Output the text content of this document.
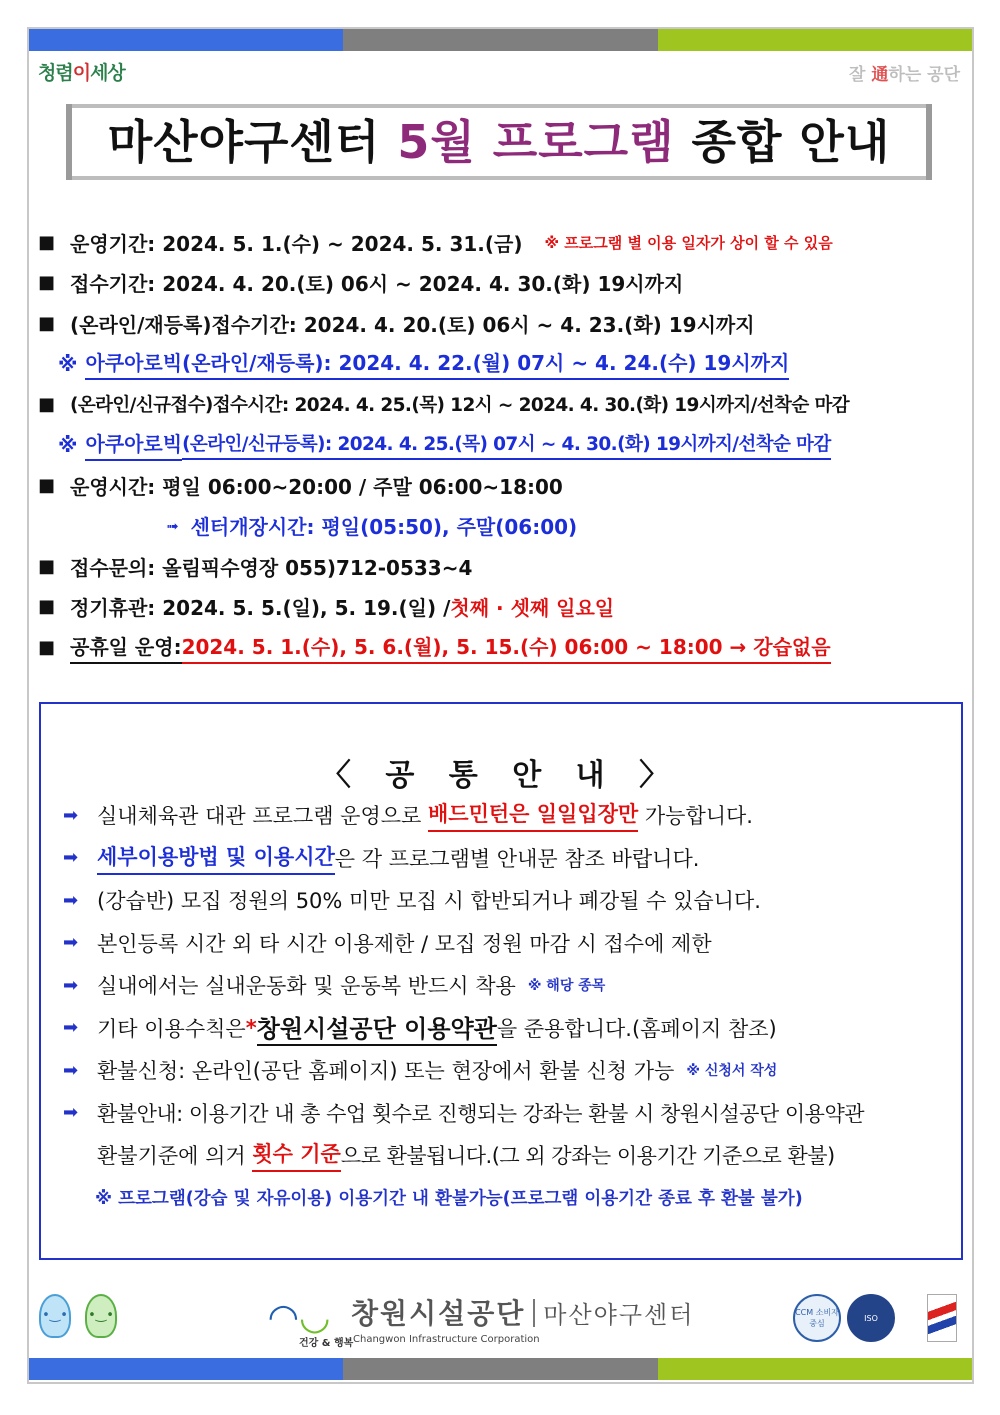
청렴이세상	잘 通하는 공단
마산야구센터 5월 프로그램 종합 안내
■ 운영기간: 2024. 5. 1.(수) ~ 2024. 5. 31.(금) ※ 프로그램 별 이용 일자가 상이 할 수 있음
■ 접수기간: 2024. 4. 20.(토) 06시 ~ 2024. 4. 30.(화) 19시까지
■ (온라인/재등록)접수기간: 2024. 4. 20.(토) 06시 ~ 4. 23.(화) 19시까지
※ 아쿠아로빅(온라인/재등록): 2024. 4. 22.(월) 07시 ~ 4. 24.(수) 19시까지
■ (온라인/신규접수)접수시간: 2024. 4. 25.(목) 12시 ~ 2024. 4. 30.(화) 19시까지/선착순 마감
※ 아쿠아로빅 (온라인/신규등록): 2024. 4. 25.(목) 07시 ~ 4. 30.(화) 19시까지/선착순 마감
■ 운영시간: 평일 06:00~20:00 / 주말 06:00~18:00
➟ 센터개장시간: 평일(05:50), 주말(06:00)
■ 접수문의: 올림픽수영장 055)712-0533~4
■ 정기휴관: 2024. 5. 5.(일), 5. 19.(일) / 첫째 · 셋째 일요일
■ 공휴일 운영: 2024. 5. 1.(수), 5. 6.(월), 5. 15.(수) 06:00 ~ 18:00 → 강습없음
〈 공 통 안 내 〉
➡ 실내체육관 대관 프로그램 운영으로
배드민턴은 일일입장만
가능합니다.
➡ 세부이용방법 및 이용시간 은 각 프로그램별 안내문 참조 바랍니다.
➡ (강습반) 모집 정원의 50% 미만 모집 시 합반되거나 폐강될 수 있습니다.
➡ 본인등록 시간 외 타 시간 이용제한 / 모집 정원 마감 시 접수에 제한
➡ 실내에서는 실내운동화 및 운동복 반드시 착용 ※ 해당 종목
➡ 기타 이용수칙은 * 창원시설공단 이용약관 을 준용합니다.(홈페이지 참조)
➡ 환불신청: 온라인(공단 홈페이지) 또는 현장에서 환불 신청 가능 ※ 신청서 작성
➡ 환불안내: 이용기간 내 총 수업 횟수로 진행되는 강좌는 환불 시 창원시설공단 이용약관
환불기준에 의거
횟수 기준 으로 환불됩니다.(그 외 강좌는 이용기간 기준으로 환불)
※ 프로그램(강습 및 자유이용) 이용기간 내 환불가능(프로그램 이용기간 종료 후 환불 불가)
•‿• •‿•	◠◡
건강 & 행복
창원시설공단 마산야구센터
Changwon Infrastructure Corporation
CCM 소비자중심
ISO
